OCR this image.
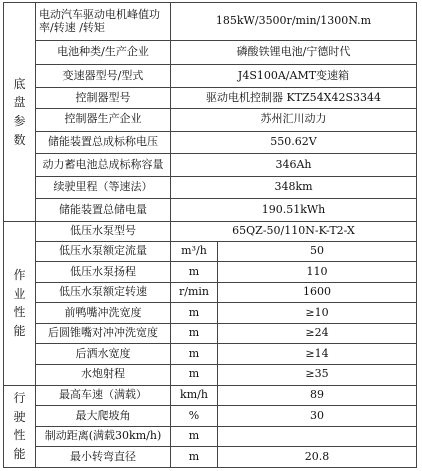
底
盘
参
数	电动汽车驱动电机峰值功率/转速 /转矩	185kW/3500r/min/1300N.m	
	电池种类/生产企业	磷酸铁锂电池/宁德时代	
	变速器型号/型式	J4S100A/AMT变速箱	
	控制器型号	驱动电机控制器 KTZ54X42S3344	
	控制器生产企业	苏州汇川动力	
	储能装置总成标称电压	550.62V	
	动力蓄电池总成标称容量	346Ah	
	续驶里程（等速法）	348km	
	储能装置总储电量	190.51kWh	

作
业
性
能	低压水泵型号	65QZ-50/110N-K-T2-X	
	低压水泵额定流量	m³/h	50
	低压水泵扬程	m	110
	低压水泵额定转速	r/min	1600
	前鸭嘴冲洗宽度	m	≥10
	后圆锥嘴对冲冲洗宽度	m	≥24
	后洒水宽度	m	≥14
	水炮射程	m	≥35

行
驶
性
能	最高车速（满载）	km/h	89
	最大爬坡角	%	30
	制动距离(满载30km/h)	m	
	最小转弯直径	m	20.8
